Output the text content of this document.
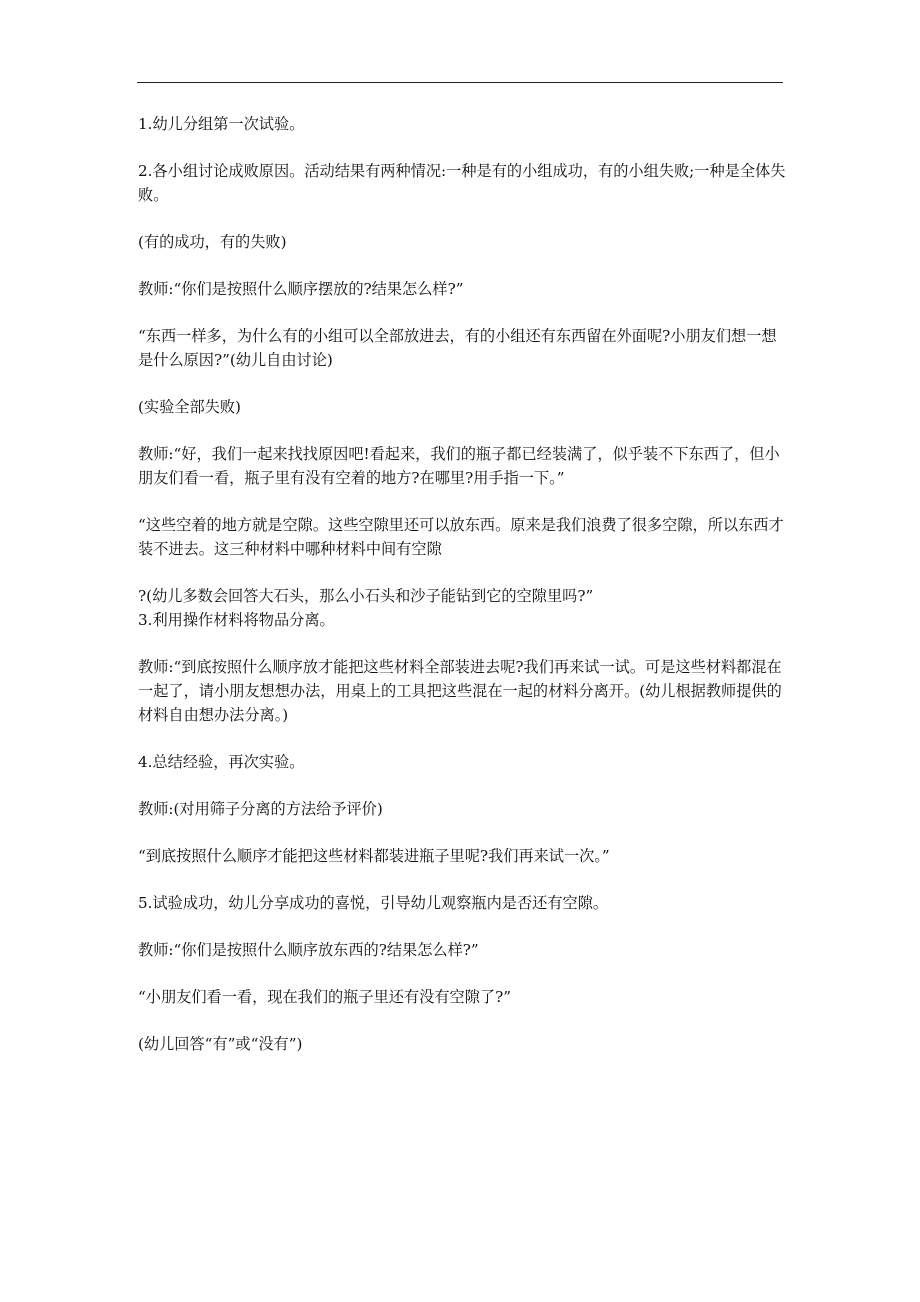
1.幼儿分组第一次试验。

2.各小组讨论成败原因。活动结果有两种情况:一种是有的小组成功，有的小组失败;一种是全体失败。

(有的成功，有的失败)

教师:“你们是按照什么顺序摆放的?结果怎么样?”

“东西一样多，为什么有的小组可以全部放进去，有的小组还有东西留在外面呢?小朋友们想一想是什么原因?”(幼儿自由讨论)

(实验全部失败)

教师:“好，我们一起来找找原因吧!看起来，我们的瓶子都已经装满了，似乎装不下东西了，但小朋友们看一看，瓶子里有没有空着的地方?在哪里?用手指一下。”

“这些空着的地方就是空隙。这些空隙里还可以放东西。原来是我们浪费了很多空隙，所以东西才装不进去。这三种材料中哪种材料中间有空隙

?(幼儿多数会回答大石头，那么小石头和沙子能钻到它的空隙里吗?”

3.利用操作材料将物品分离。

教师:“到底按照什么顺序放才能把这些材料全部装进去呢?我们再来试一试。可是这些材料都混在一起了，请小朋友想想办法，用桌上的工具把这些混在一起的材料分离开。(幼儿根据教师提供的材料自由想办法分离。)

4.总结经验，再次实验。

教师:(对用筛子分离的方法给予评价)

“到底按照什么顺序才能把这些材料都装进瓶子里呢?我们再来试一次。”

5.试验成功，幼儿分享成功的喜悦，引导幼儿观察瓶内是否还有空隙。

教师:“你们是按照什么顺序放东西的?结果怎么样?”

“小朋友们看一看，现在我们的瓶子里还有没有空隙了?”

(幼儿回答“有”或“没有”)
